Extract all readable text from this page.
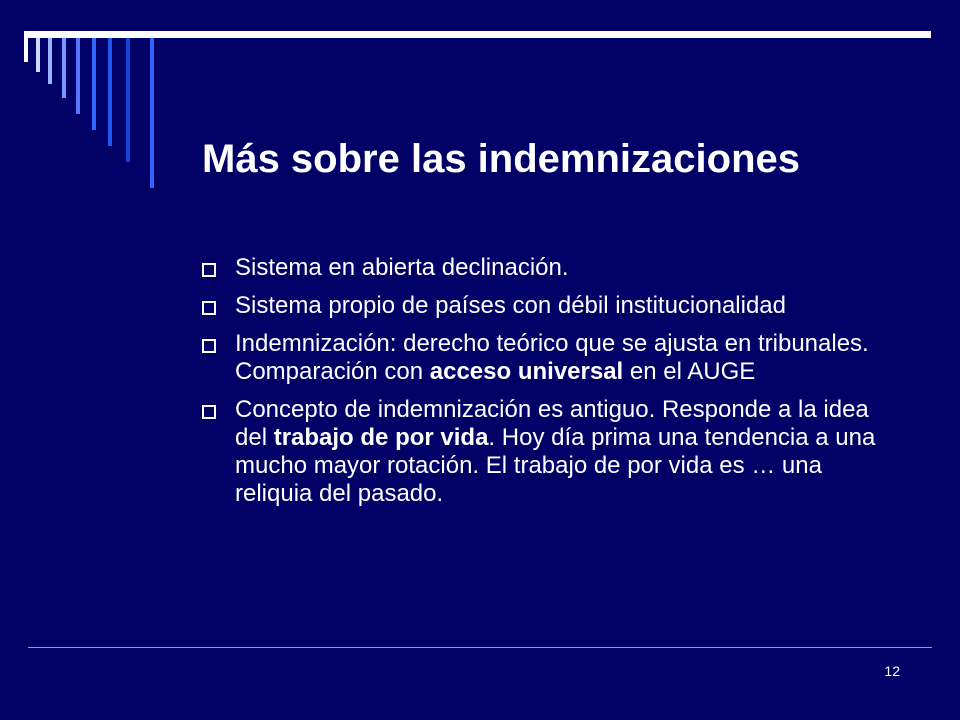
Más sobre las indemnizaciones
Sistema en abierta declinación.
Sistema propio de países con débil institucionalidad
Indemnización: derecho teórico que se ajusta en tribunales. Comparación con acceso universal en el AUGE
Concepto de indemnización es antiguo. Responde a la idea del trabajo de por vida. Hoy día prima una tendencia a una mucho mayor rotación. El trabajo de por vida es … una reliquia del pasado.
12
